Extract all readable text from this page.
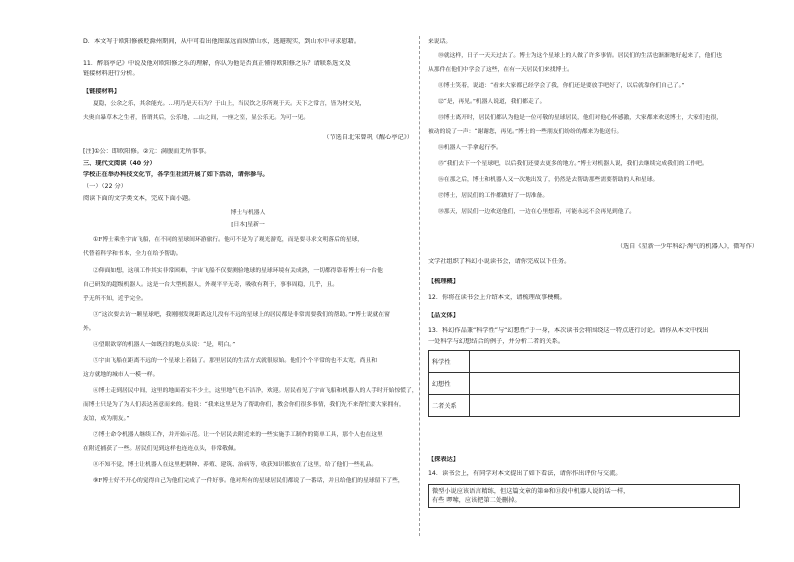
D．本文写于欧阳修被贬滁州期间，从中可看出他图谋远而纵情山水，逃避现实，到山水中寻求慰藉。
11．醉翁亭记》中说及他对欧阳修之乐的理解，你认为他是否真正懂得欧阳修之乐？请联系选文及
链接材料进行分析。
【链接材料】
夏隐，公余之乐，其余能充。…明乃是天石为？于山上，当民饮之乐所观于天。天下之常言，皆为材交见，
夫奥自暴草木之生者，皆谓其后，公乐地，…山之间，一座之室，显公乐无。为可一见。
（节选自北宋曾巩《醒心亭记》）
[注]①公：即欧阳修。②元：满腹而无所事事。
三、现代文阅读（40 分）
学校正在举办科技文化节，各学生社团开展了如下活动，请你参与。
（一）（22 分）
阅读下面的文学类文本，完成下面小题。
博士与机器人
[日本]星新一
①F博士乘坐宇宙飞船，在不同的星球间环游旅行。他可不是为了观光游览，而是要寻求文明落后的星球，
代替着科学和书本，全力在给予帮助。
②仰面如想，这项工作其实非常困难，宇宙飞船不仅要测验地球的星球环境有关成熟，一切都得靠着博士有一台他
自己研发的超级机器人。这是一台大型机器人，外观平平无奇，吸收有利于，事事周稳，几乎，且。
乎无所不知，近乎完全。
③“这次要去访一颗星球吧，我刚刚发现距离这儿没有不远的星球上的居民都是非常需要我们的帮助。”F博士说就在窗
外。
④望眼欲穿的机器人一如既往的地点头说：“是，明白。”
⑤宇宙飞船在距离不远的一个星球上着陆了。那里居民的生活方式就很原始。他们个个平常的也不太宽，尚且和
这方就地的城市人一模一样。
⑥博士走到居民中间，这里的地面着实不少土，这里地气也不洁净，欢迎。居民看见了宇宙飞船和机器人的人手时开始惊慌了，
而博士只是为了为人们表达善意而来的。他说：“我来这里是为了帮助你们，教会你们很多事情，我们先不来帮忙要大家拥有，
友谊，成为朋友。”
⑦博士命令机器人继续工作，并开始示范。让一个居民去附近来的一些实施手工制作的简单工具，那个人也在这里
在附近捕获了一些。居民们见到这样也连连点头，非常敬佩。
⑧不知不觉，博士让机器人在这里把耕种、养殖、建筑、治病等，收获知识都放在了这里，给了他们一些礼品。
⑨F博士好不开心的觉得自己为他们完成了一件好事。他对所有的星球居民们都说了一番话，并且给他们的星球留下了些，
来说话。
⑩就这样，日子一天天过去了。博士为这个星球上的人做了许多事情。居民们的生活也渐渐地好起来了，他们也
从那件在他们中学会了这些，在有一天居民们来找博士。
⑪博士笑着，说道：“看来大家都已经学会了我，你们还是要放手吧好了，以后就靠你们自己了。”
⑫“是，再见。”机器人说道，我们都走了。
⑬博士离开时，居民们都认为他是一位可敬的星球居民，他们对他心怀感激，大家都来欢送博士，大家们也很，
被动的说了一声：“谢谢您，再见。”博士的一些朋友们纷纷的都来为他送行。
⑭机器人一手拿起行李。
⑮“我们去下一个星球吧，以后我们还要去更多的地方。”博士对机器人说，我们去继续完成我们的工作吧。
⑯在那之后，博士和机器人又一次地出发了，仍然是去帮助那些需要帮助的人和星球。
⑰博士，居民们的工作都做好了一切准备。
⑱那天，居民们一边欢送他们，一边在心里想着，可能永远不会再见到他了。
（选自《星新一少年科幻·淘气的机器人》，微写作）
文学社组织了科幻小说读书会，请你完成以下任务。
【梳理概】
12．你将在读书会上介绍本文，请梳理故事梗概。
【品文体】
13．科幻作品兼“科学性”与“幻想性”于一身，本次读书会将围绕这一特点进行讨论。请你从本文中找出
一处科学与幻想结合的例子，并分析二者的关系。
科学性	
幻想性	
二者关系	
【探表达】
14．读书会上，有同学对本文提出了如下看法，请你作出评价与交流。
微型小说应该语言精练，但这篇文章的第⑩和⑪段中机器人说的话一样，
有些 啰嗦，应该把第二处删掉。
